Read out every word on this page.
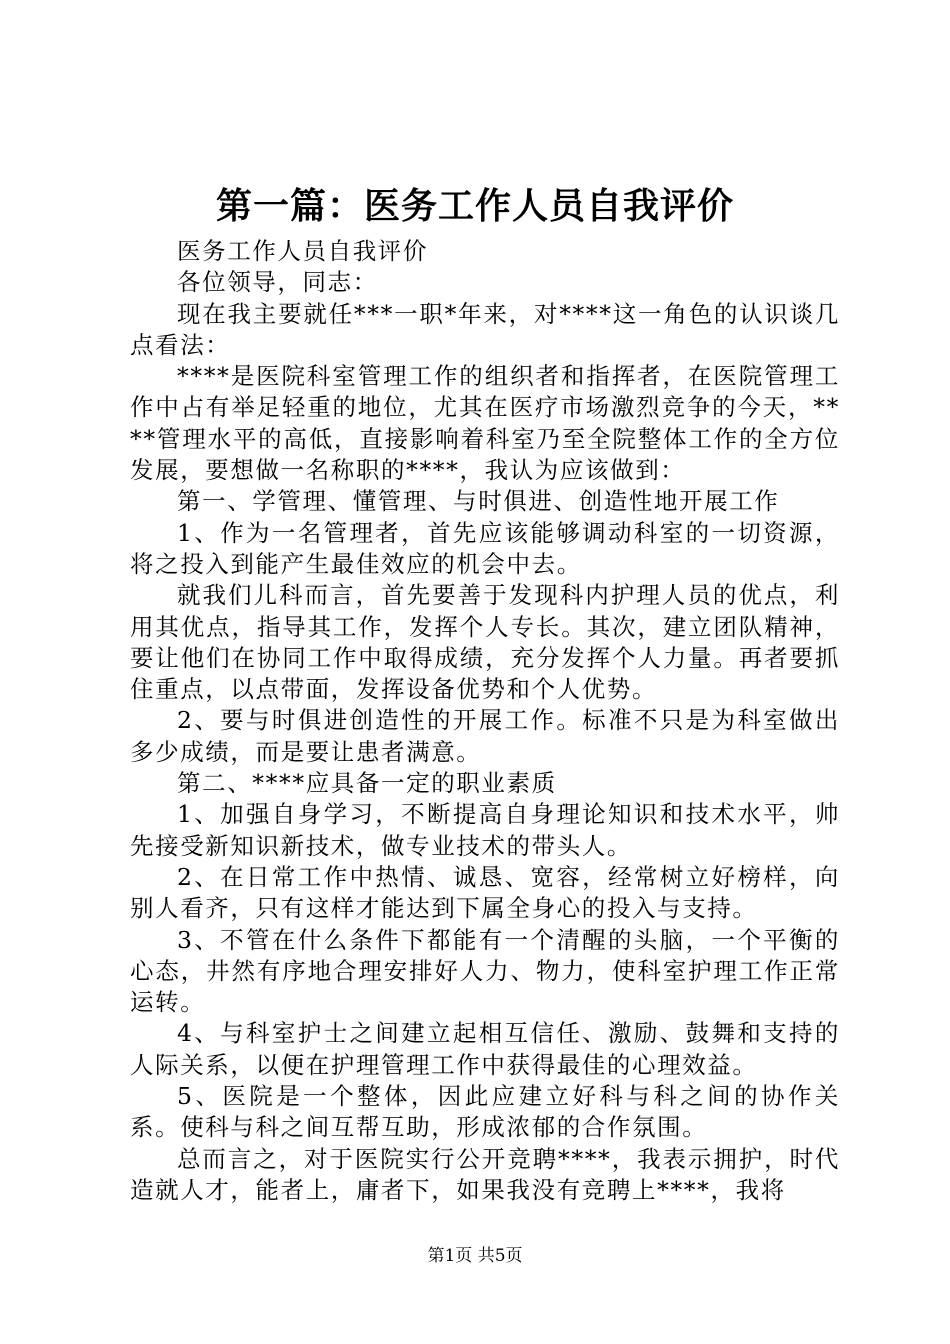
第一篇：医务工作人员自我评价

医务工作人员自我评价

各位领导，同志：

现在我主要就任***一职*年来，对****这一角色的认识谈几点看法：

****是医院科室管理工作的组织者和指挥者，在医院管理工作中占有举足轻重的地位，尤其在医疗市场激烈竞争的今天，****管理水平的高低，直接影响着科室乃至全院整体工作的全方位发展，要想做一名称职的****，我认为应该做到：

第一、学管理、懂管理、与时俱进、创造性地开展工作

1、作为一名管理者，首先应该能够调动科室的一切资源，将之投入到能产生最佳效应的机会中去。

就我们儿科而言，首先要善于发现科内护理人员的优点，利用其优点，指导其工作，发挥个人专长。其次，建立团队精神，要让他们在协同工作中取得成绩，充分发挥个人力量。再者要抓住重点，以点带面，发挥设备优势和个人优势。

2、要与时俱进创造性的开展工作。标准不只是为科室做出多少成绩，而是要让患者满意。

第二、****应具备一定的职业素质

1、加强自身学习，不断提高自身理论知识和技术水平，帅先接受新知识新技术，做专业技术的带头人。

2、在日常工作中热情、诚恳、宽容，经常树立好榜样，向别人看齐，只有这样才能达到下属全身心的投入与支持。

3、不管在什么条件下都能有一个清醒的头脑，一个平衡的心态，井然有序地合理安排好人力、物力，使科室护理工作正常运转。

4、与科室护士之间建立起相互信任、激励、鼓舞和支持的人际关系，以便在护理管理工作中获得最佳的心理效益。

5、医院是一个整体，因此应建立好科与科之间的协作关系。使科与科之间互帮互助，形成浓郁的合作氛围。

总而言之，对于医院实行公开竞聘****，我表示拥护，时代造就人才，能者上，庸者下，如果我没有竞聘上****，我将

第1页 共5页
